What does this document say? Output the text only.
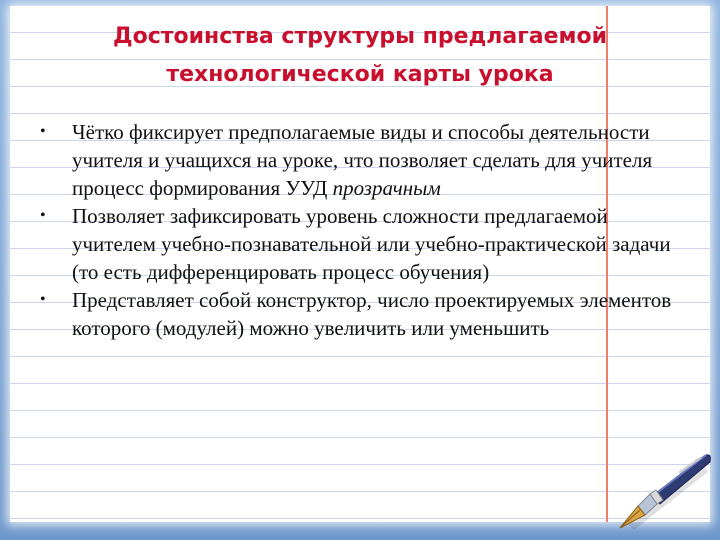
Достоинства структуры предлагаемой
технологической карты урока
• Чётко фиксирует предполагаемые виды и способы деятельности учителя и учащихся на уроке, что позволяет сделать для учителя процесс формирования УУД прозрачным
• Позволяет зафиксировать уровень сложности предлагаемой учителем учебно-познавательной или учебно-практической задачи (то есть дифференцировать процесс обучения)
• Представляет собой конструктор, число проектируемых элементов которого (модулей) можно увеличить или уменьшить
